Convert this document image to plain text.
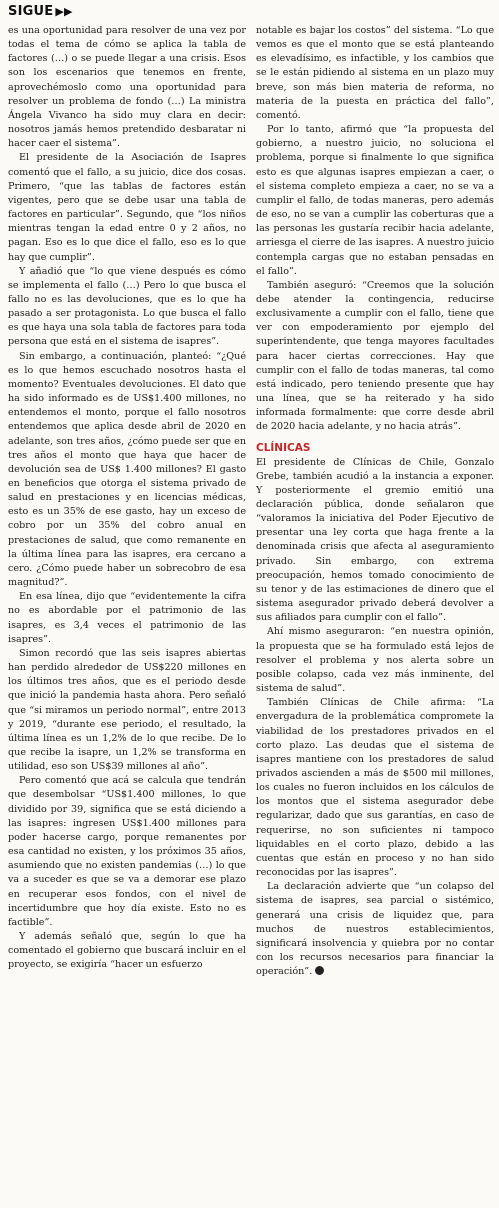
SIGUE ▶▶

es una oportunidad para resolver de una vez por todas el tema de cómo se aplica la tabla de factores (…) o se puede llegar a una crisis. Esos son los escenarios que tenemos en frente, aprovechémoslo como una oportunidad para resolver un problema de fondo (…) La ministra Ángela Vivanco ha sido muy clara en decir: nosotros jamás hemos pretendido desbaratar ni hacer caer el sistema”.

El presidente de la Asociación de Isapres comentó que el fallo, a su juicio, dice dos cosas. Primero, “que las tablas de factores están vigentes, pero que se debe usar una tabla de factores en particular”. Segundo, que “los niños mientras tengan la edad entre 0 y 2 años, no pagan. Eso es lo que dice el fallo, eso es lo que hay que cumplir”.

Y añadió que “lo que viene después es cómo se implementa el fallo (…) Pero lo que busca el fallo no es las devoluciones, que es lo que ha pasado a ser protagonista. Lo que busca el fallo es que haya una sola tabla de factores para toda persona que está en el sistema de isapres”.

Sin embargo, a continuación, planteó: “¿Qué es lo que hemos escuchado nosotros hasta el momento? Eventuales devoluciones. El dato que ha sido informado es de US$1.400 millones, no entendemos el monto, porque el fallo nosotros entendemos que aplica desde abril de 2020 en adelante, son tres años, ¿cómo puede ser que en tres años el monto que haya que hacer de devolución sea de US$ 1.400 millones? El gasto en beneficios que otorga el sistema privado de salud en prestaciones y en licencias médicas, esto es un 35% de ese gasto, hay un exceso de cobro por un 35% del cobro anual en prestaciones de salud, que como remanente en la última línea para las isapres, era cercano a cero. ¿Cómo puede haber un sobrecobro de esa magnitud?”.

En esa línea, dijo que “evidentemente la cifra no es abordable por el patrimonio de las isapres, es 3,4 veces el patrimonio de las isapres”.

Simon recordó que las seis isapres abiertas han perdido alrededor de US$220 millones en los últimos tres años, que es el periodo desde que inició la pandemia hasta ahora. Pero señaló que “si miramos un periodo normal”, entre 2013 y 2019, “durante ese periodo, el resultado, la última línea es un 1,2% de lo que recibe. De lo que recibe la isapre, un 1,2% se transforma en utilidad, eso son US$39 millones al año”.

Pero comentó que acá se calcula que tendrán que desembolsar “US$1.400 millones, lo que dividido por 39, significa que se está diciendo a las isapres: ingresen US$1.400 millones para poder hacerse cargo, porque remanentes por esa cantidad no existen, y los próximos 35 años, asumiendo que no existen pandemias (…) lo que va a suceder es que se va a demorar ese plazo en recuperar esos fondos, con el nivel de incertidumbre que hoy día existe. Esto no es factible”.

Y además señaló que, según lo que ha comentado el gobierno que buscará incluir en el proyecto, se exigiría “hacer un esfuerzo

notable es bajar los costos” del sistema. “Lo que vemos es que el monto que se está planteando es elevadísimo, es infactible, y los cambios que se le están pidiendo al sistema en un plazo muy breve, son más bien materia de reforma, no materia de la puesta en práctica del fallo”, comentó.

Por lo tanto, afirmó que “la propuesta del gobierno, a nuestro juicio, no soluciona el problema, porque si finalmente lo que significa esto es que algunas isapres empiezan a caer, o el sistema completo empieza a caer, no se va a cumplir el fallo, de todas maneras, pero además de eso, no se van a cumplir las coberturas que a las personas les gustaría recibir hacia adelante, arriesga el cierre de las isapres. A nuestro juicio contempla cargas que no estaban pensadas en el fallo”.

También aseguró: “Creemos que la solución debe atender la contingencia, reducirse exclusivamente a cumplir con el fallo, tiene que ver con empoderamiento por ejemplo del superintendente, que tenga mayores facultades para hacer ciertas correcciones. Hay que cumplir con el fallo de todas maneras, tal como está indicado, pero teniendo presente que hay una línea, que se ha reiterado y ha sido informada formalmente: que corre desde abril de 2020 hacia adelante, y no hacia atrás”.

CLÍNICAS

El presidente de Clínicas de Chile, Gonzalo Grebe, también acudió a la instancia a exponer. Y posteriormente el gremio emitió una declaración pública, donde señalaron que “valoramos la iniciativa del Poder Ejecutivo de presentar una ley corta que haga frente a la denominada crisis que afecta al aseguramiento privado. Sin embargo, con extrema preocupación, hemos tomado conocimiento de su tenor y de las estimaciones de dinero que el sistema asegurador privado deberá devolver a sus afiliados para cumplir con el fallo”.

Ahí mismo aseguraron: “en nuestra opinión, la propuesta que se ha formulado está lejos de resolver el problema y nos alerta sobre un posible colapso, cada vez más inminente, del sistema de salud”.

También Clínicas de Chile afirma: “La envergadura de la problemática compromete la viabilidad de los prestadores privados en el corto plazo. Las deudas que el sistema de isapres mantiene con los prestadores de salud privados ascienden a más de $500 mil millones, los cuales no fueron incluidos en los cálculos de los montos que el sistema asegurador debe regularizar, dado que sus garantías, en caso de requerirse, no son suficientes ni tampoco liquidables en el corto plazo, debido a las cuentas que están en proceso y no han sido reconocidas por las isapres”.

La declaración advierte que “un colapso del sistema de isapres, sea parcial o sistémico, generará una crisis de liquidez que, para muchos de nuestros establecimientos, significará insolvencia y quiebra por no contar con los recursos necesarios para financiar la operación”.
